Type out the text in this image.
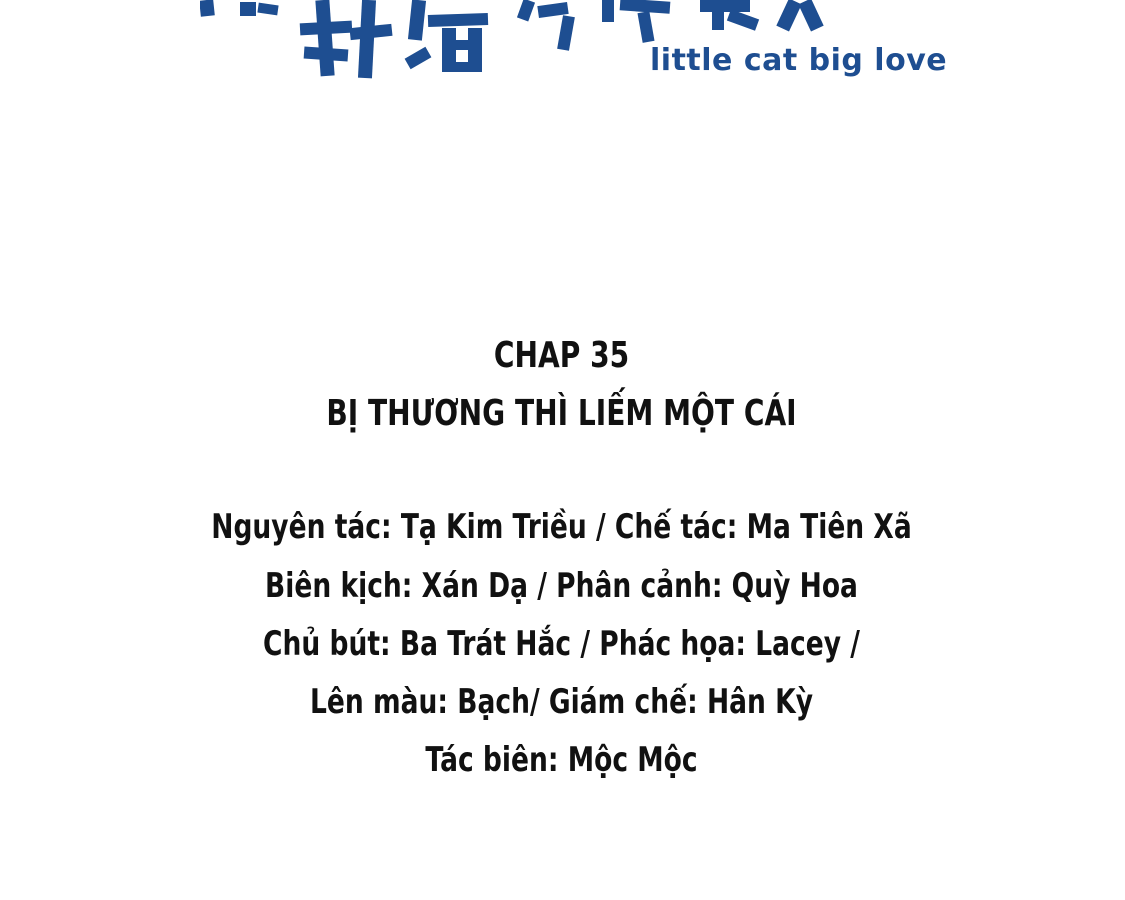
little cat big love
CHAP 35
BỊ THƯƠNG THÌ LIẾM MỘT CÁI
Nguyên tác: Tạ Kim Triều / Chế tác: Ma Tiên Xã
Biên kịch: Xán Dạ / Phân cảnh: Quỳ Hoa
Chủ bút: Ba Trát Hắc / Phác họa: Lacey /
Lên màu: Bạch/ Giám chế: Hân Kỳ
Tác biên: Mộc Mộc
